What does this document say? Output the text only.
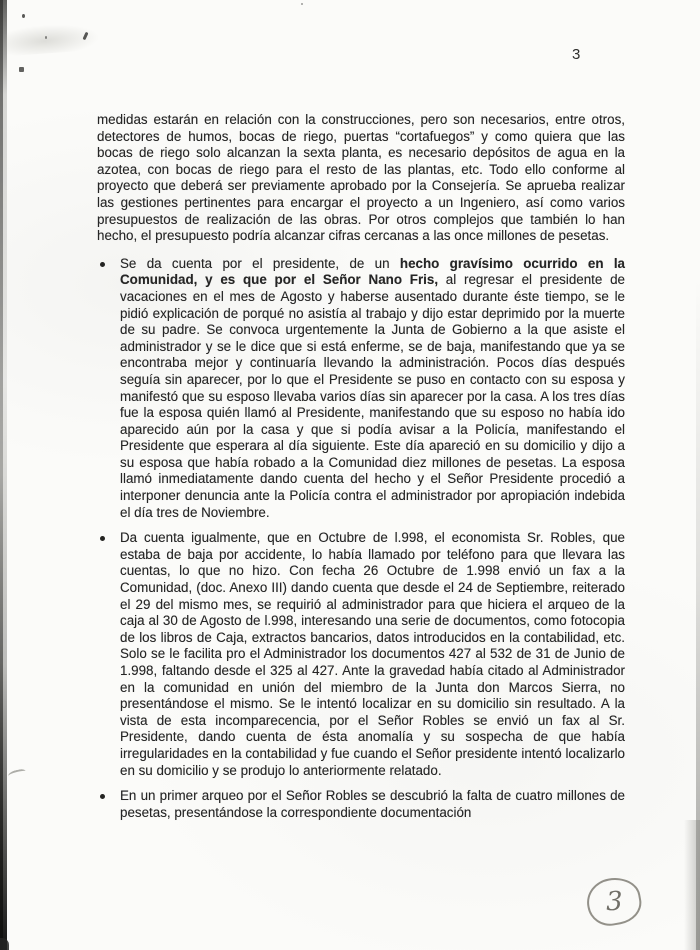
3

medidas estarán en relación con la construcciones, pero son necesarios, entre otros, detectores de humos, bocas de riego, puertas “cortafuegos” y como quiera que las bocas de riego solo alcanzan la sexta planta, es necesario depósitos de agua en la azotea, con bocas de riego para el resto de las plantas, etc. Todo ello conforme al proyecto que deberá ser previamente aprobado por la Consejería. Se aprueba realizar las gestiones pertinentes para encargar el proyecto a un Ingeniero, así como varios presupuestos de realización de las obras. Por otros complejos que también lo han hecho, el presupuesto podría alcanzar cifras cercanas a las once millones de pesetas.

Se da cuenta por el presidente, de un hecho gravísimo ocurrido en la Comunidad, y es que por el Señor Nano Fris, al regresar el presidente de vacaciones en el mes de Agosto y haberse ausentado durante éste tiempo, se le pidió explicación de porqué no asistía al trabajo y dijo estar deprimido por la muerte de su padre. Se convoca urgentemente la Junta de Gobierno a la que asiste el administrador y se le dice que si está enferme, se de baja, manifestando que ya se encontraba mejor y continuaría llevando la administración. Pocos días después seguía sin aparecer, por lo que el Presidente se puso en contacto con su esposa y manifestó que su esposo llevaba varios días sin aparecer por la casa. A los tres días fue la esposa quién llamó al Presidente, manifestando que su esposo no había ido aparecido aún por la casa y que si podía avisar a la Policía, manifestando el Presidente que esperara al día siguiente. Este día apareció en su domicilio y dijo a su esposa que había robado a la Comunidad diez millones de pesetas. La esposa llamó inmediatamente dando cuenta del hecho y el Señor Presidente procedió a interponer denuncia ante la Policía contra el administrador por apropiación indebida el día tres de Noviembre.

Da cuenta igualmente, que en Octubre de l.998, el economista Sr. Robles, que estaba de baja por accidente, lo había llamado por teléfono para que llevara las cuentas, lo que no hizo. Con fecha 26 Octubre de 1.998 envió un fax a la Comunidad, (doc. Anexo III) dando cuenta que desde el 24 de Septiembre, reiterado el 29 del mismo mes, se requirió al administrador para que hiciera el arqueo de la caja al 30 de Agosto de l.998, interesando una serie de documentos, como fotocopia de los libros de Caja, extractos bancarios, datos introducidos en la contabilidad, etc. Solo se le facilita pro el Administrador los documentos 427 al 532 de 31 de Junio de 1.998, faltando desde el 325 al 427. Ante la gravedad había citado al Administrador en la comunidad en unión del miembro de la Junta don Marcos Sierra, no presentándose el mismo. Se le intentó localizar en su domicilio sin resultado. A la vista de esta incomparecencia, por el Señor Robles se envió un fax al Sr. Presidente, dando cuenta de ésta anomalía y su sospecha de que había irregularidades en la contabilidad y fue cuando el Señor presidente intentó localizarlo en su domicilio y se produjo lo anteriormente relatado.

En un primer arqueo por el Señor Robles se descubrió la falta de cuatro millones de pesetas, presentándose la correspondiente documentación

3
